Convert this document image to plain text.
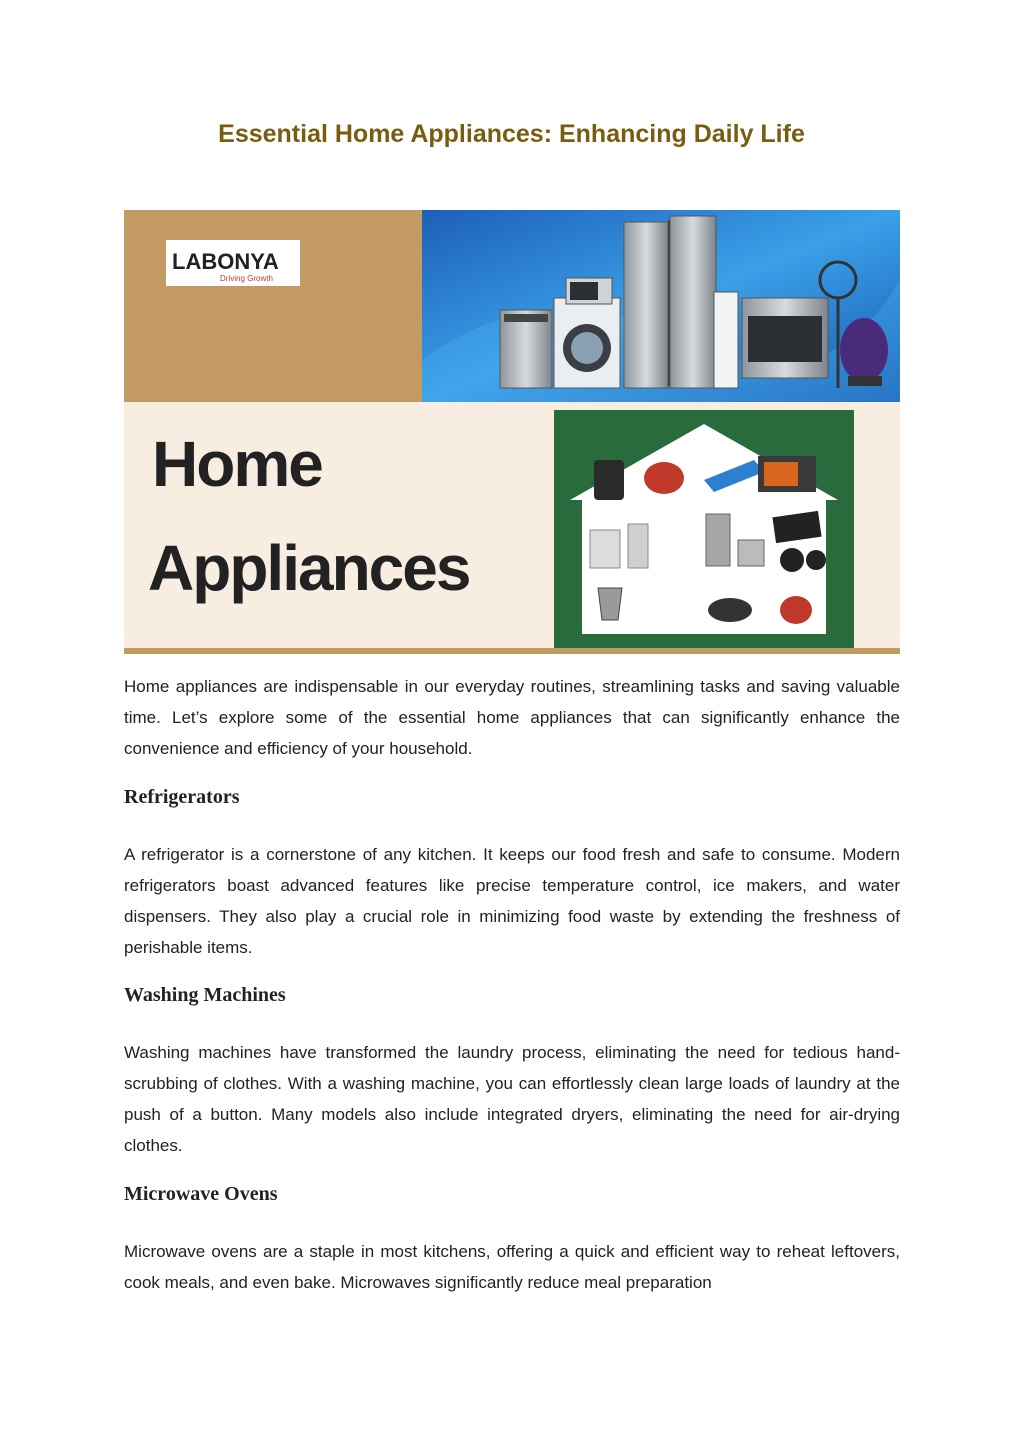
Essential Home Appliances: Enhancing Daily Life
LABONYA
Driving Growth
Home
Appliances

Home appliances are indispensable in our everyday routines, streamlining tasks and saving valuable time. Let’s explore some of the essential home appliances that can significantly enhance the convenience and efficiency of your household.

Refrigerators

A refrigerator is a cornerstone of any kitchen. It keeps our food fresh and safe to consume. Modern refrigerators boast advanced features like precise temperature control, ice makers, and water dispensers. They also play a crucial role in minimizing food waste by extending the freshness of perishable items.

Washing Machines

Washing machines have transformed the laundry process, eliminating the need for tedious hand-scrubbing of clothes. With a washing machine, you can effortlessly clean large loads of laundry at the push of a button. Many models also include integrated dryers, eliminating the need for air-drying clothes.

Microwave Ovens

Microwave ovens are a staple in most kitchens, offering a quick and efficient way to reheat leftovers, cook meals, and even bake. Microwaves significantly reduce meal preparation
